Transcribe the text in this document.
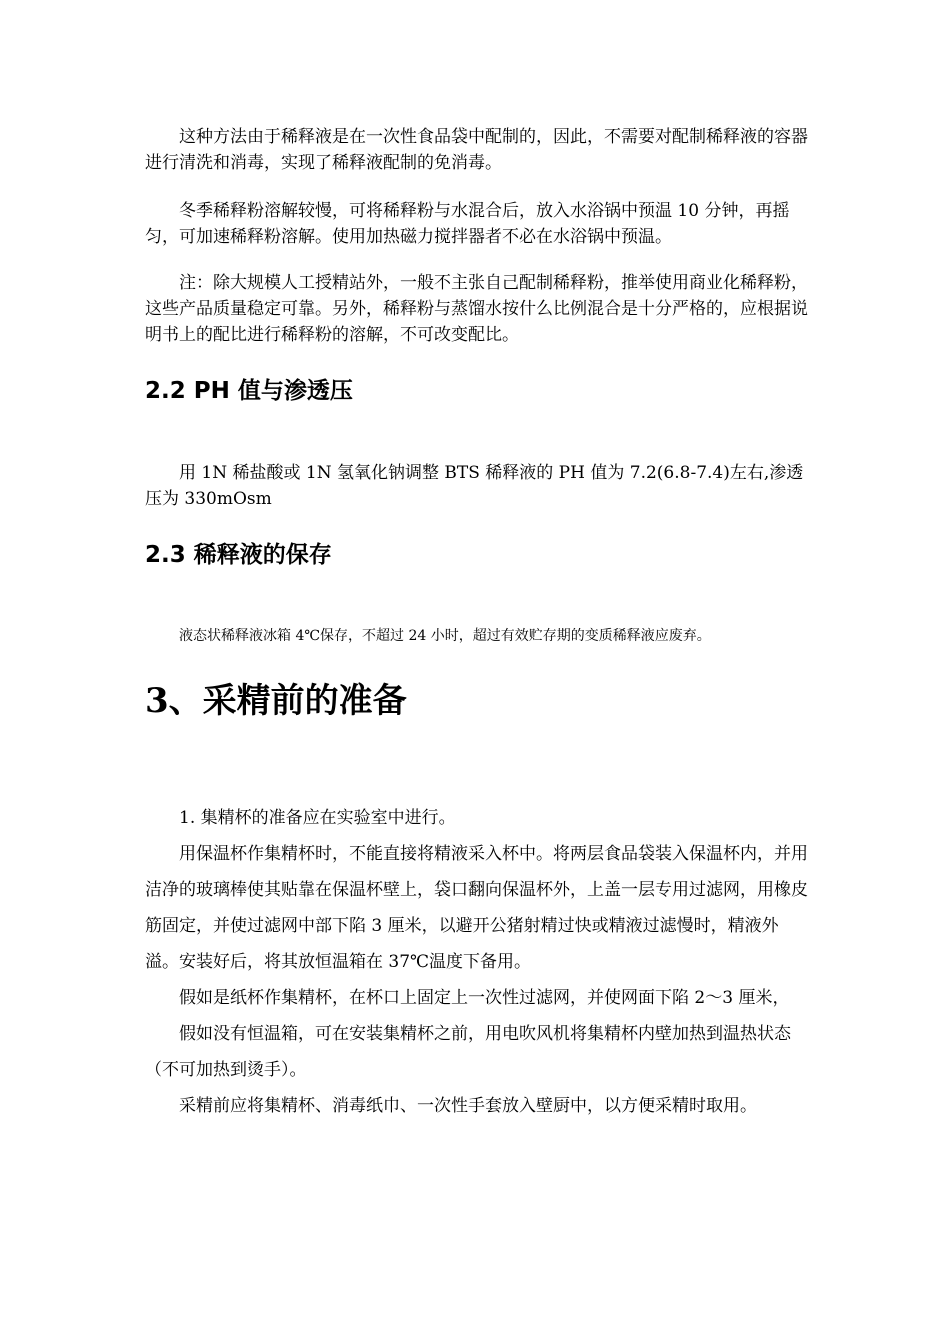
这种方法由于稀释液是在一次性食品袋中配制的，因此，不需要对配制稀释液的容器进行清洗和消毒，实现了稀释液配制的免消毒。

冬季稀释粉溶解较慢，可将稀释粉与水混合后，放入水浴锅中预温 10 分钟，再摇匀，可加速稀释粉溶解。使用加热磁力搅拌器者不必在水浴锅中预温。

注：除大规模人工授精站外，一般不主张自己配制稀释粉，推举使用商业化稀释粉，这些产品质量稳定可靠。另外，稀释粉与蒸馏水按什么比例混合是十分严格的，应根据说明书上的配比进行稀释粉的溶解，不可改变配比。

2.2 PH 值与渗透压

用 1N 稀盐酸或 1N 氢氧化钠调整 BTS 稀释液的 PH 值为 7.2(6.8-7.4)左右,渗透压为 330mOsm

2.3 稀释液的保存

液态状稀释液冰箱 4℃保存，不超过 24 小时，超过有效贮存期的变质稀释液应废弃。

3、采精前的准备

1. 集精杯的准备应在实验室中进行。

用保温杯作集精杯时，不能直接将精液采入杯中。将两层食品袋装入保温杯内，并用洁净的玻璃棒使其贴靠在保温杯壁上，袋口翻向保温杯外，上盖一层专用过滤网，用橡皮筋固定，并使过滤网中部下陷 3 厘米，以避开公猪射精过快或精液过滤慢时，精液外溢。安装好后，将其放恒温箱在 37℃温度下备用。

假如是纸杯作集精杯，在杯口上固定上一次性过滤网，并使网面下陷 2～3 厘米，

假如没有恒温箱，可在安装集精杯之前，用电吹风机将集精杯内壁加热到温热状态（不可加热到烫手）。

采精前应将集精杯、消毒纸巾、一次性手套放入壁厨中，以方便采精时取用。
